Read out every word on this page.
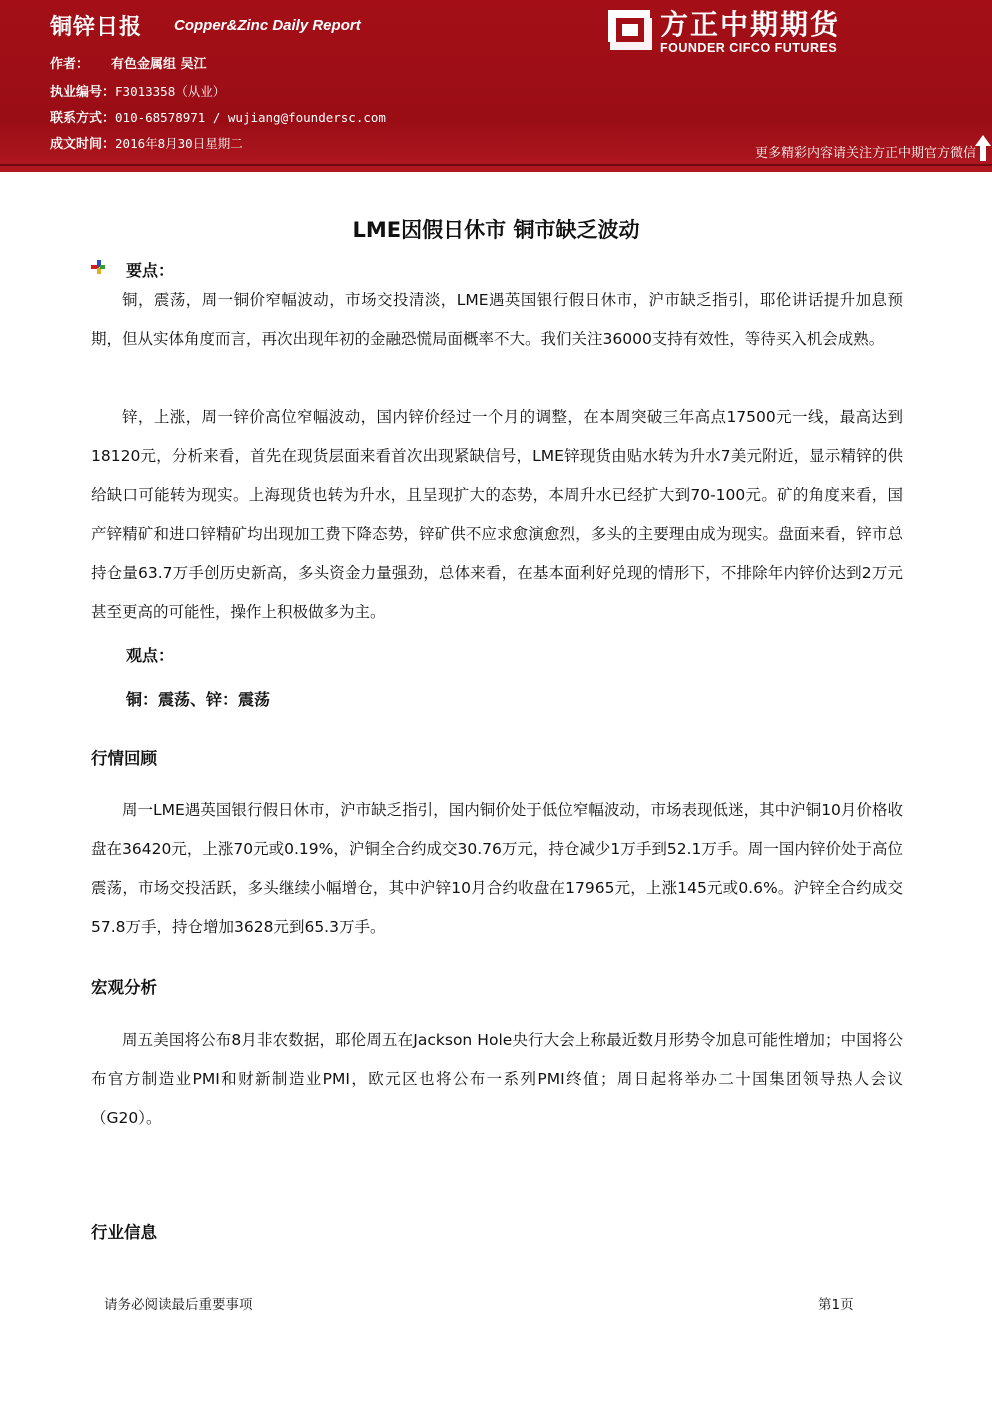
铜锌日报 Copper&Zinc Daily Report
作者： 有色金属组 吴江
执业编号：F3013358（从业）
联系方式：010-68578971 / wujiang@foundersc.com
成文时间：2016年8月30日星期二
方正中期期货
FOUNDER CIFCO FUTURES
更多精彩内容请关注方正中期官方微信
LME因假日休市 铜市缺乏波动
要点：
铜，震荡，周一铜价窄幅波动，市场交投清淡，LME遇英国银行假日休市，沪市缺乏指引，耶伦讲话提升加息预期，但从实体角度而言，再次出现年初的金融恐慌局面概率不大。我们关注36000支持有效性，等待买入机会成熟。
锌，上涨，周一锌价高位窄幅波动，国内锌价经过一个月的调整，在本周突破三年高点17500元一线，最高达到18120元，分析来看，首先在现货层面来看首次出现紧缺信号，LME锌现货由贴水转为升水7美元附近，显示精锌的供给缺口可能转为现实。上海现货也转为升水，且呈现扩大的态势，本周升水已经扩大到70-100元。矿的角度来看，国产锌精矿和进口锌精矿均出现加工费下降态势，锌矿供不应求愈演愈烈，多头的主要理由成为现实。盘面来看，锌市总持仓量63.7万手创历史新高，多头资金力量强劲，总体来看，在基本面利好兑现的情形下，不排除年内锌价达到2万元甚至更高的可能性，操作上积极做多为主。
观点：
铜：震荡、锌：震荡
行情回顾
周一LME遇英国银行假日休市，沪市缺乏指引，国内铜价处于低位窄幅波动，市场表现低迷，其中沪铜10月价格收盘在36420元，上涨70元或0.19%，沪铜全合约成交30.76万元，持仓减少1万手到52.1万手。周一国内锌价处于高位震荡，市场交投活跃，多头继续小幅增仓，其中沪锌10月合约收盘在17965元，上涨145元或0.6%。沪锌全合约成交57.8万手，持仓增加3628元到65.3万手。
宏观分析
周五美国将公布8月非农数据，耶伦周五在Jackson Hole央行大会上称最近数月形势令加息可能性增加；中国将公布官方制造业PMI和财新制造业PMI，欧元区也将公布一系列PMI终值；周日起将举办二十国集团领导热人会议（G20）。
行业信息
请务必阅读最后重要事项	第1页
